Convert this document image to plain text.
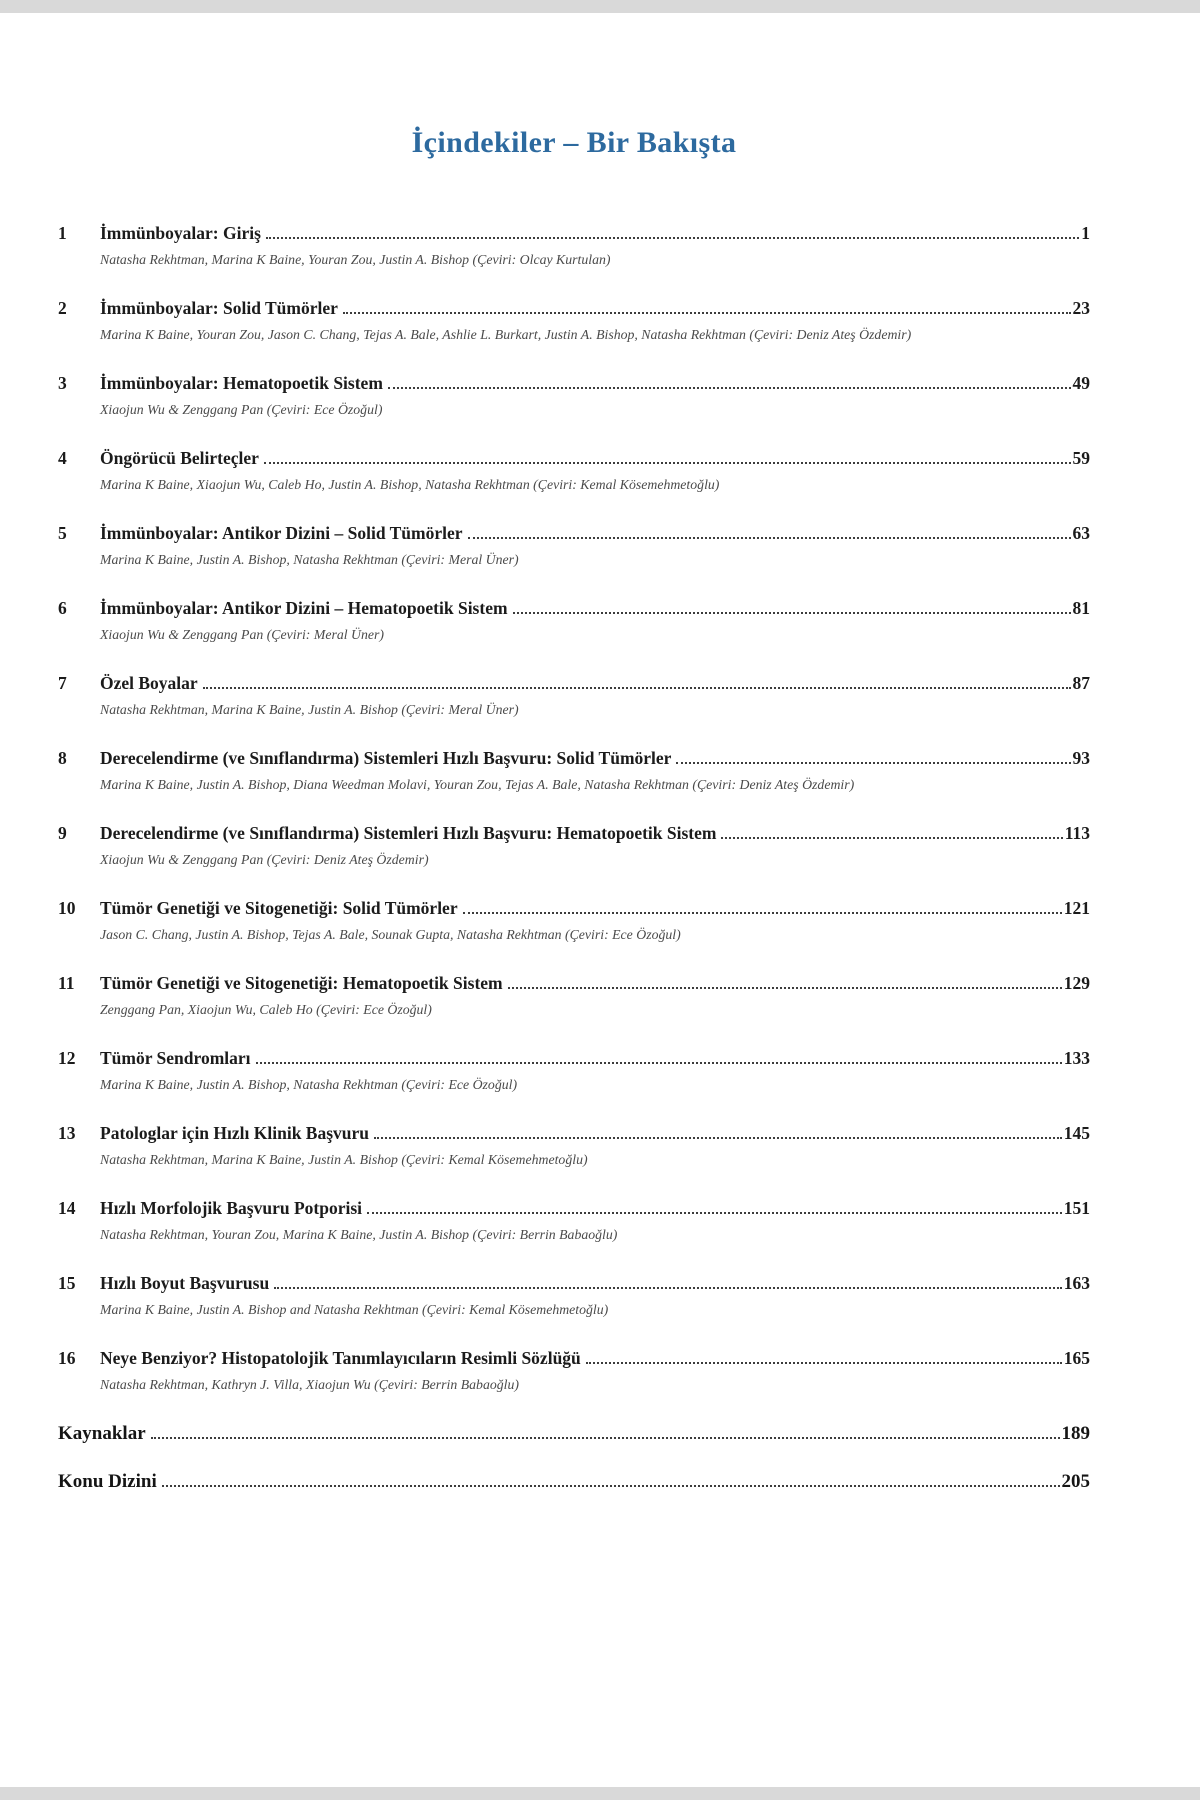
İçindekiler – Bir Bakışta
1	İmmünboyalar: Giriş	1
Natasha Rekhtman, Marina K Baine, Youran Zou, Justin A. Bishop (Çeviri: Olcay Kurtulan)
2	İmmünboyalar: Solid Tümörler	23
Marina K Baine, Youran Zou, Jason C. Chang, Tejas A. Bale, Ashlie L. Burkart, Justin A. Bishop, Natasha Rekhtman (Çeviri: Deniz Ateş Özdemir)
3	İmmünboyalar: Hematopoetik Sistem	49
Xiaojun Wu & Zenggang Pan (Çeviri: Ece Özoğul)
4	Öngörücü Belirteçler	59
Marina K Baine, Xiaojun Wu, Caleb Ho, Justin A. Bishop, Natasha Rekhtman (Çeviri: Kemal Kösemehmetoğlu)
5	İmmünboyalar: Antikor Dizini – Solid Tümörler	63
Marina K Baine, Justin A. Bishop, Natasha Rekhtman (Çeviri: Meral Üner)
6	İmmünboyalar: Antikor Dizini – Hematopoetik Sistem	81
Xiaojun Wu & Zenggang Pan (Çeviri: Meral Üner)
7	Özel Boyalar	87
Natasha Rekhtman, Marina K Baine, Justin A. Bishop (Çeviri: Meral Üner)
8	Derecelendirme (ve Sınıflandırma) Sistemleri Hızlı Başvuru: Solid Tümörler	93
Marina K Baine, Justin A. Bishop, Diana Weedman Molavi, Youran Zou, Tejas A. Bale, Natasha Rekhtman (Çeviri: Deniz Ateş Özdemir)
9	Derecelendirme (ve Sınıflandırma) Sistemleri Hızlı Başvuru: Hematopoetik Sistem	113
Xiaojun Wu & Zenggang Pan (Çeviri: Deniz Ateş Özdemir)
10	Tümör Genetiği ve Sitogenetiği: Solid Tümörler	121
Jason C. Chang, Justin A. Bishop, Tejas A. Bale, Sounak Gupta, Natasha Rekhtman (Çeviri: Ece Özoğul)
11	Tümör Genetiği ve Sitogenetiği: Hematopoetik Sistem	129
Zenggang Pan, Xiaojun Wu, Caleb Ho (Çeviri: Ece Özoğul)
12	Tümör Sendromları	133
Marina K Baine, Justin A. Bishop, Natasha Rekhtman (Çeviri: Ece Özoğul)
13	Patologlar için Hızlı Klinik Başvuru	145
Natasha Rekhtman, Marina K Baine, Justin A. Bishop (Çeviri: Kemal Kösemehmetoğlu)
14	Hızlı Morfolojik Başvuru Potporisi	151
Natasha Rekhtman, Youran Zou, Marina K Baine, Justin A. Bishop (Çeviri: Berrin Babaoğlu)
15	Hızlı Boyut Başvurusu	163
Marina K Baine, Justin A. Bishop and Natasha Rekhtman (Çeviri: Kemal Kösemehmetoğlu)
16	Neye Benziyor? Histopatolojik Tanımlayıcıların Resimli Sözlüğü	165
Natasha Rekhtman, Kathryn J. Villa, Xiaojun Wu (Çeviri: Berrin Babaoğlu)
Kaynaklar	189
Konu Dizini	205
